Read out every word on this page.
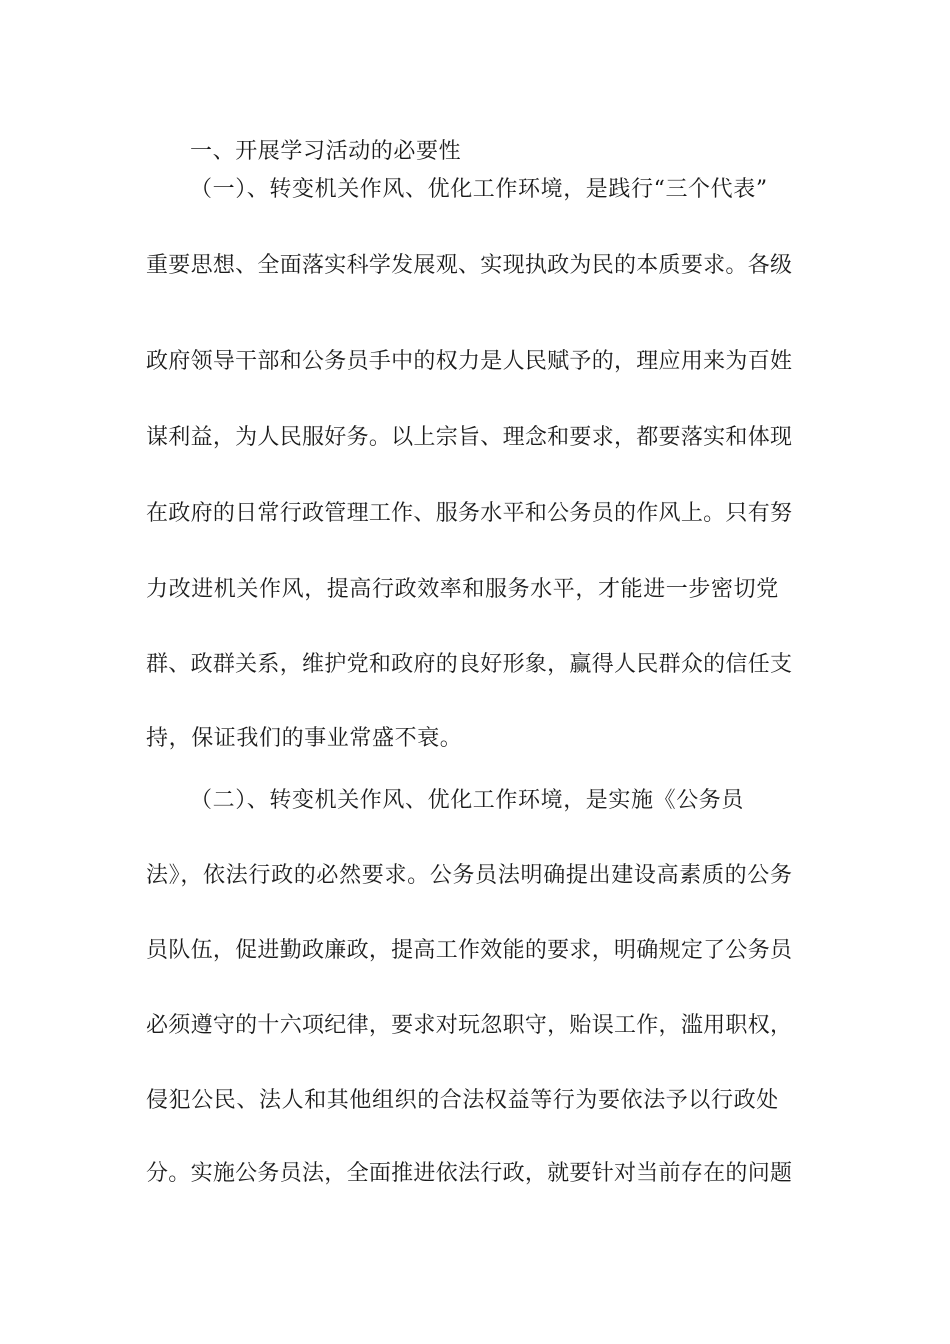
一、开展学习活动的必要性

（一）、转变机关作风、优化工作环境，是践行“三个代表”

重要思想、全面落实科学发展观、实现执政为民的本质要求。各级

政府领导干部和公务员手中的权力是人民赋予的，理应用来为百姓

谋利益，为人民服好务。以上宗旨、理念和要求，都要落实和体现

在政府的日常行政管理工作、服务水平和公务员的作风上。只有努

力改进机关作风，提高行政效率和服务水平，才能进一步密切党

群、政群关系，维护党和政府的良好形象，赢得人民群众的信任支

持，保证我们的事业常盛不衰。

（二）、转变机关作风、优化工作环境，是实施《公务员

法》，依法行政的必然要求。公务员法明确提出建设高素质的公务

员队伍，促进勤政廉政，提高工作效能的要求，明确规定了公务员

必须遵守的十六项纪律，要求对玩忽职守，贻误工作，滥用职权，

侵犯公民、法人和其他组织的合法权益等行为要依法予以行政处

分。实施公务员法，全面推进依法行政，就要针对当前存在的问题
